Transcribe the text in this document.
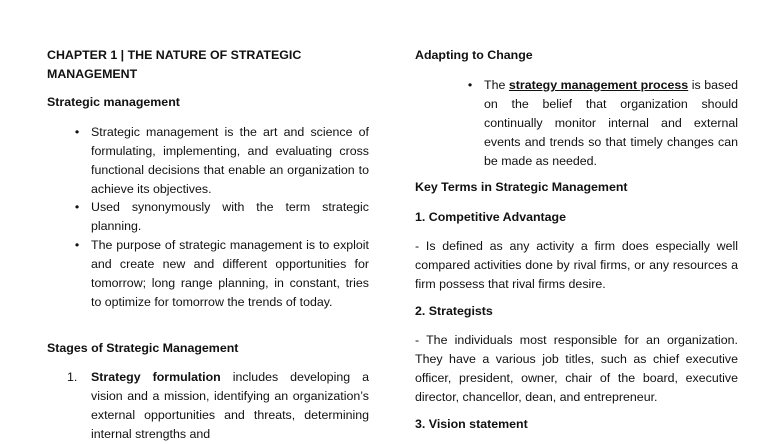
CHAPTER 1 | THE NATURE OF STRATEGIC MANAGEMENT
Strategic management
• Strategic management is the art and science of formulating, implementing, and evaluating cross functional decisions that enable an organization to achieve its objectives.
• Used synonymously with the term strategic planning.
• The purpose of strategic management is to exploit and create new and different opportunities for tomorrow; long range planning, in constant, tries to optimize for tomorrow the trends of today.
Stages of Strategic Management
1.	Strategy formulation includes developing a vision and a mission, identifying an organization’s external opportunities and threats, determining internal strengths and
Adapting to Change
• The strategy management process is based on the belief that organization should continually monitor internal and external events and trends so that timely changes can be made as needed.
Key Terms in Strategic Management
1. Competitive Advantage
- Is defined as any activity a firm does especially well compared activities done by rival firms, or any resources a firm possess that rival firms desire.
2. Strategists
- The individuals most responsible for an organization. They have a various job titles, such as chief executive officer, president, owner, chair of the board, executive director, chancellor, dean, and entrepreneur.
3. Vision statement
